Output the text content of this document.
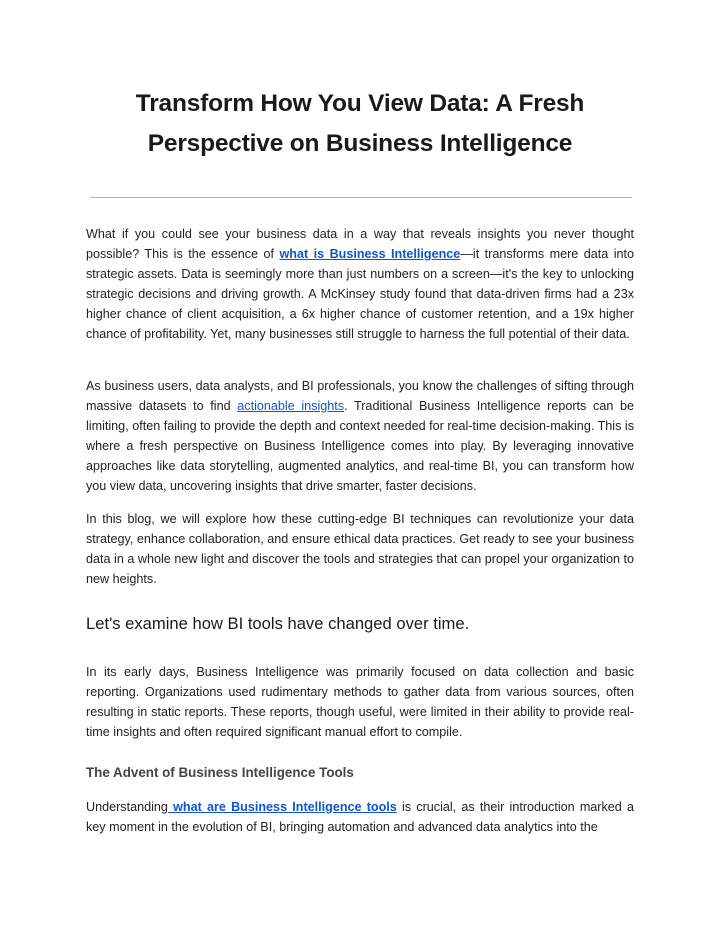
Transform How You View Data: A Fresh
Perspective on Business Intelligence

What if you could see your business data in a way that reveals insights you never thought possible? This is the essence of what is Business Intelligence—it transforms mere data into strategic assets. Data is seemingly more than just numbers on a screen—it's the key to unlocking strategic decisions and driving growth. A McKinsey study found that data-driven firms had a 23x higher chance of client acquisition, a 6x higher chance of customer retention, and a 19x higher chance of profitability. Yet, many businesses still struggle to harness the full potential of their data.

As business users, data analysts, and BI professionals, you know the challenges of sifting through massive datasets to find actionable insights. Traditional Business Intelligence reports can be limiting, often failing to provide the depth and context needed for real-time decision-making. This is where a fresh perspective on Business Intelligence comes into play. By leveraging innovative approaches like data storytelling, augmented analytics, and real-time BI, you can transform how you view data, uncovering insights that drive smarter, faster decisions.

In this blog, we will explore how these cutting-edge BI techniques can revolutionize your data strategy, enhance collaboration, and ensure ethical data practices. Get ready to see your business data in a whole new light and discover the tools and strategies that can propel your organization to new heights.

Let's examine how BI tools have changed over time.

In its early days, Business Intelligence was primarily focused on data collection and basic reporting. Organizations used rudimentary methods to gather data from various sources, often resulting in static reports. These reports, though useful, were limited in their ability to provide real-time insights and often required significant manual effort to compile.

The Advent of Business Intelligence Tools

Understanding what are Business Intelligence tools is crucial, as their introduction marked a key moment in the evolution of BI, bringing automation and advanced data analytics into the
